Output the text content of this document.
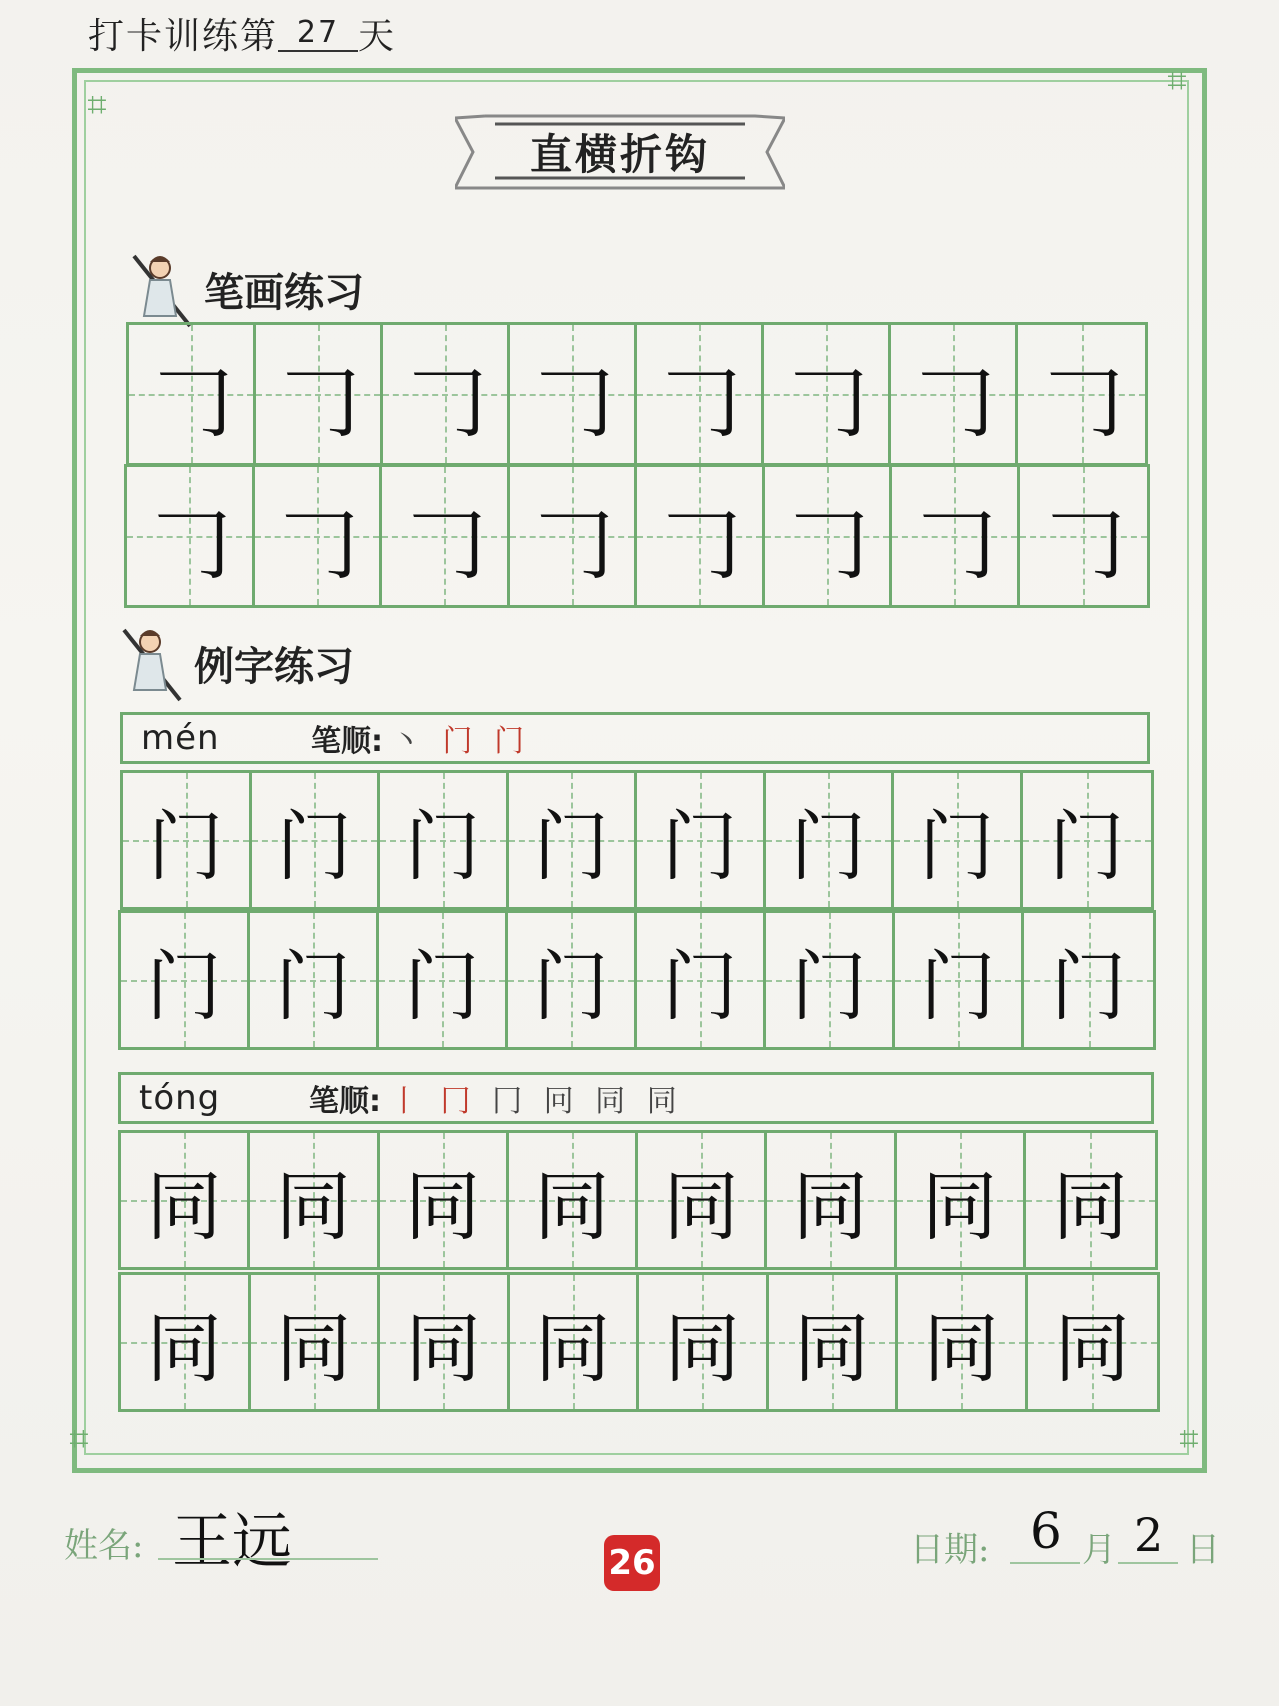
打卡训练第 27 天
⌗
⌗
⌗	⌗
直横折钩
笔画练习
𠃌 𠃌 𠃌 𠃌 𠃌 𠃌 𠃌 𠃌
𠃌 𠃌 𠃌 𠃌 𠃌 𠃌 𠃌 𠃌
例字练习
mén	笔顺: 丶 门 门
门 门 门 门 门 门 门 门
门 门 门 门 门 门 门 门
tóng	笔顺: 丨 冂 冂 冋 同 同
同 同 同 同 同 同 同 同
同 同 同 同 同 同 同 同
姓名: 王远	26	日期: 6 月 2 日
